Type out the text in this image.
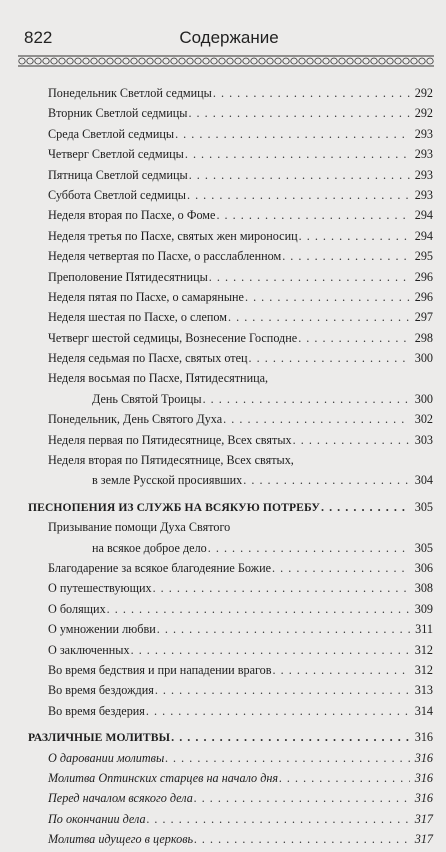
822	Содержание
Понедельник Светлой седмицы . . .	292
Вторник Светлой седмицы . . .	292
Среда Светлой седмицы . . .	293
Четверг Светлой седмицы . . .	293
Пятница Светлой седмицы . . .	293
Суббота Светлой седмицы . . .	293
Неделя вторая по Пасхе, о Фоме . . .	294
Неделя третья по Пасхе, святых жен мироносиц . . .	294
Неделя четвертая по Пасхе, о расслабленном . . .	295
Преполовение Пятидесятницы . . .	296
Неделя пятая по Пасхе, о самаряныне . . .	296
Неделя шестая по Пасхе, о слепом . . .	297
Четверг шестой седмицы, Вознесение Господне . . .	298
Неделя седьмая по Пасхе, святых отец . . .	300
Неделя восьмая по Пасхе, Пятидесятница,
День Святой Троицы . . .	300
Понедельник, День Святого Духа . . .	302
Неделя первая по Пятидесятнице, Всех святых . . .	303
Неделя вторая по Пятидесятнице, Всех святых,
в земле Русской просиявших . . .	304
ПЕСНОПЕНИЯ ИЗ СЛУЖБ НА ВСЯКУЮ ПОТРЕБУ . . .	305
Призывание помощи Духа Святого
на всякое доброе дело . . .	305
Благодарение за всякое благодеяние Божие . . .	306
О путешествующих . . .	308
О болящих . . .	309
О умножении любви . . .	311
О заключенных . . .	312
Во время бедствия и при нападении врагов . . .	312
Во время бездождия . . .	313
Во время бездерия . . .	314
РАЗЛИЧНЫЕ МОЛИТВЫ . . .	316
О даровании молитвы . . .	316
Молитва Оптинских старцев на начало дня . . .	316
Перед началом всякого дела . . .	316
По окончании дела . . .	317
Молитва идущего в церковь . . .	317
